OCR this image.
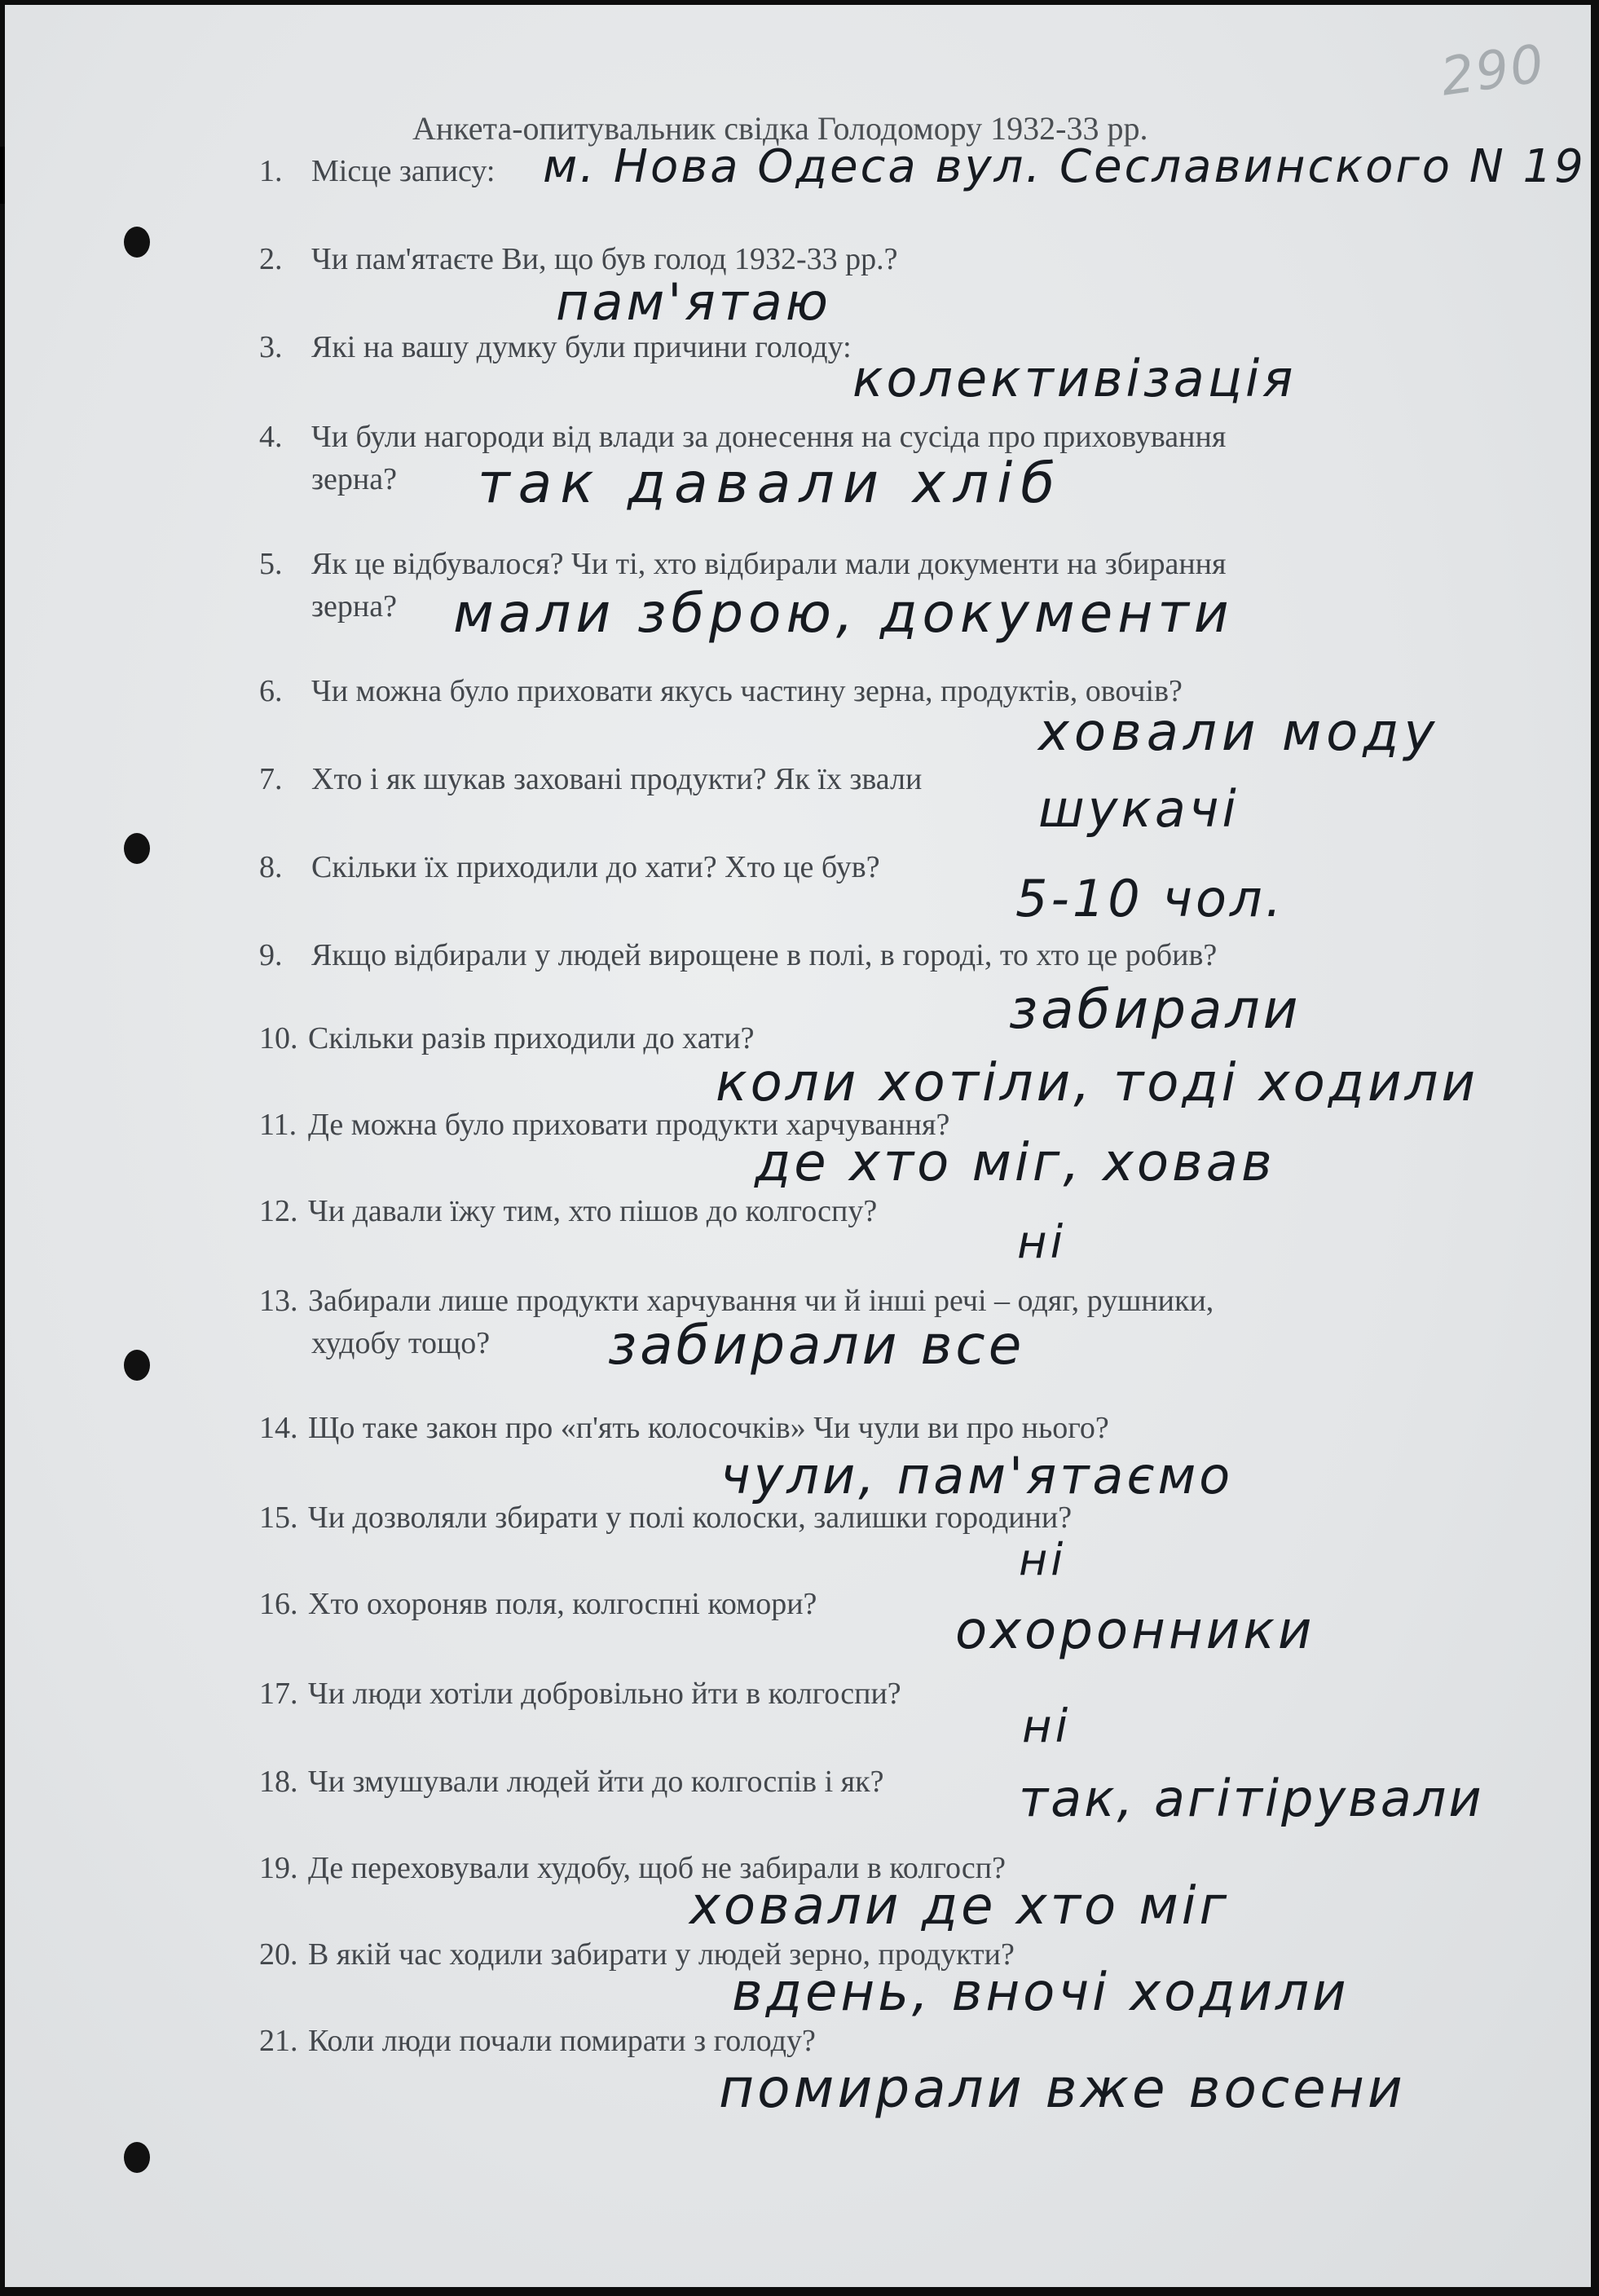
290
Анкета-опитувальник свідка Голодомору 1932-33 рр.
1. Місце запису: м. Нова Одеса вул. Сеславинского N 19
2. Чи пам'ятаєте Ви, що був голод 1932-33 рр.?
пам'ятаю
3. Які на вашу думку були причини голоду:
колективізація
4. Чи були нагороди від влади за донесення на сусіда про приховування
зерна? так давали хліб
5. Як це відбувалося? Чи ті, хто відбирали мали документи на збирання
зерна? мали зброю, документи
6. Чи можна було приховати якусь частину зерна, продуктів, овочів?
ховали моду
7. Хто і як шукав заховані продукти? Як їх звали шукачі
8. Скільки їх приходили до хати? Хто це був?
5-10 чол.
9. Якщо відбирали у людей вирощене в полі, в городі, то хто це робив?
забирали
10. Скільки разів приходили до хати?
коли хотіли, тоді ходили
11. Де можна було приховати продукти харчування?
де хто міг, ховав
12. Чи давали їжу тим, хто пішов до колгоспу?
ні
13. Забирали лише продукти харчування чи й інші речі – одяг, рушники,
худобу тощо? забирали все
14. Що таке закон про «п'ять колосочків» Чи чули ви про нього?
чули, пам'ятаємо
15. Чи дозволяли збирати у полі колоски, залишки городини?
ні
16. Хто охороняв поля, колгоспні комори?	охоронники
17. Чи люди хотіли добровільно йти в колгоспи?
ні
18. Чи змушували людей йти до колгоспів і як?	так, агітірували
19. Де переховували худобу, щоб не забирали в колгосп?
ховали де хто міг
20. В якій час ходили забирати у людей зерно, продукти?
вдень, вночі ходили
21. Коли люди почали помирати з голоду?
помирали вже восени
